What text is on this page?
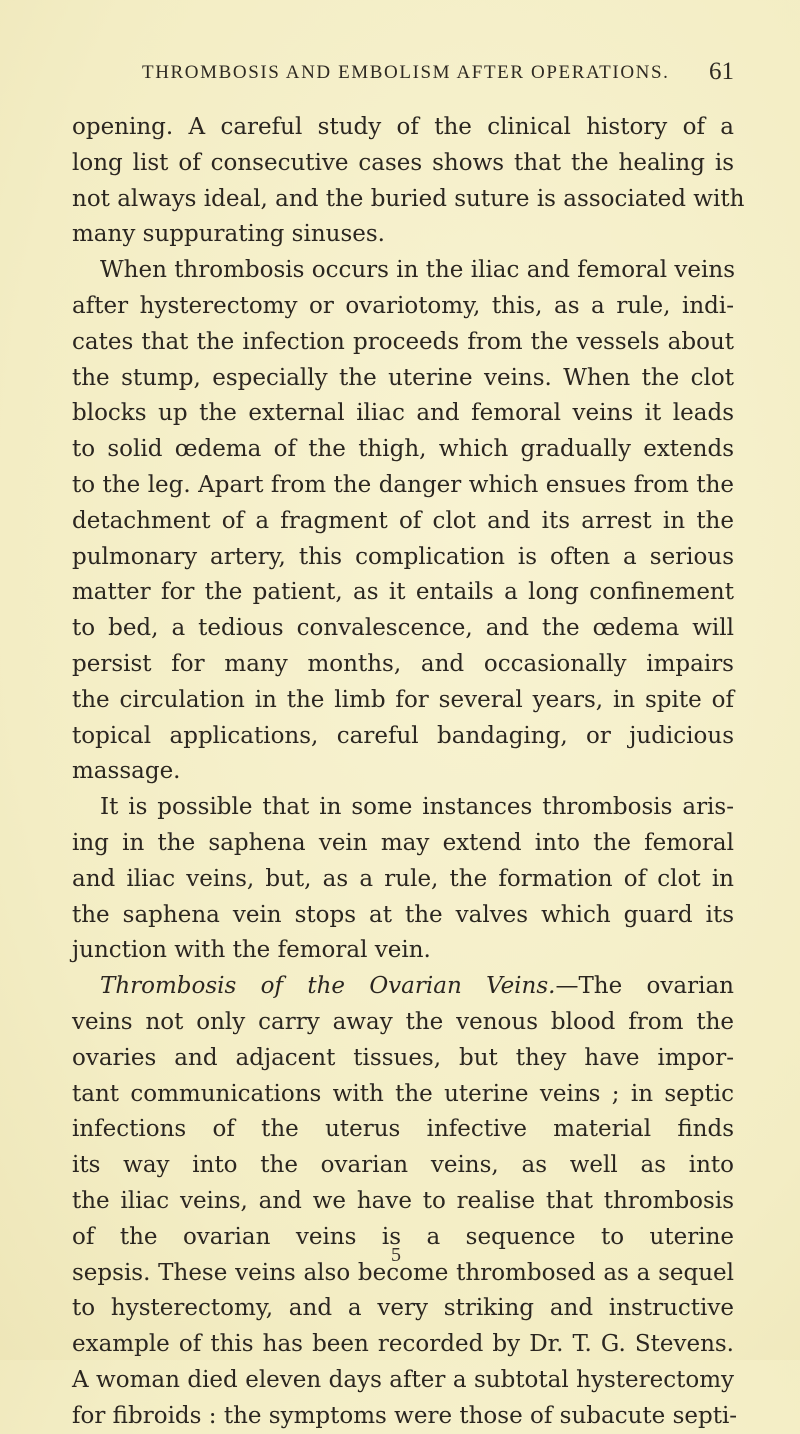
THROMBOSIS AND EMBOLISM AFTER OPERATIONS. 61
opening. A careful study of the clinical history of a
long list of consecutive cases shows that the healing is
not always ideal, and the buried suture is associated with
many suppurating sinuses.
When thrombosis occurs in the iliac and femoral veins
after hysterectomy or ovariotomy, this, as a rule, indi-
cates that the infection proceeds from the vessels about
the stump, especially the uterine veins. When the clot
blocks up the external iliac and femoral veins it leads
to solid œdema of the thigh, which gradually extends
to the leg. Apart from the danger which ensues from the
detachment of a fragment of clot and its arrest in the
pulmonary artery, this complication is often a serious
matter for the patient, as it entails a long confinement
to bed, a tedious convalescence, and the œdema will
persist for many months, and occasionally impairs
the circulation in the limb for several years, in spite of
topical applications, careful bandaging, or judicious
massage.
It is possible that in some instances thrombosis aris-
ing in the saphena vein may extend into the femoral
and iliac veins, but, as a rule, the formation of clot in
the saphena vein stops at the valves which guard its
junction with the femoral vein.
Thrombosis of the Ovarian Veins.—The ovarian
veins not only carry away the venous blood from the
ovaries and adjacent tissues, but they have impor-
tant communications with the uterine veins ; in septic
infections of the uterus infective material finds
its way into the ovarian veins, as well as into
the iliac veins, and we have to realise that thrombosis
of the ovarian veins is a sequence to uterine
sepsis. These veins also become thrombosed as a sequel
to hysterectomy, and a very striking and instructive
example of this has been recorded by Dr. T. G. Stevens.
A woman died eleven days after a subtotal hysterectomy
for fibroids : the symptoms were those of subacute septi-
5
